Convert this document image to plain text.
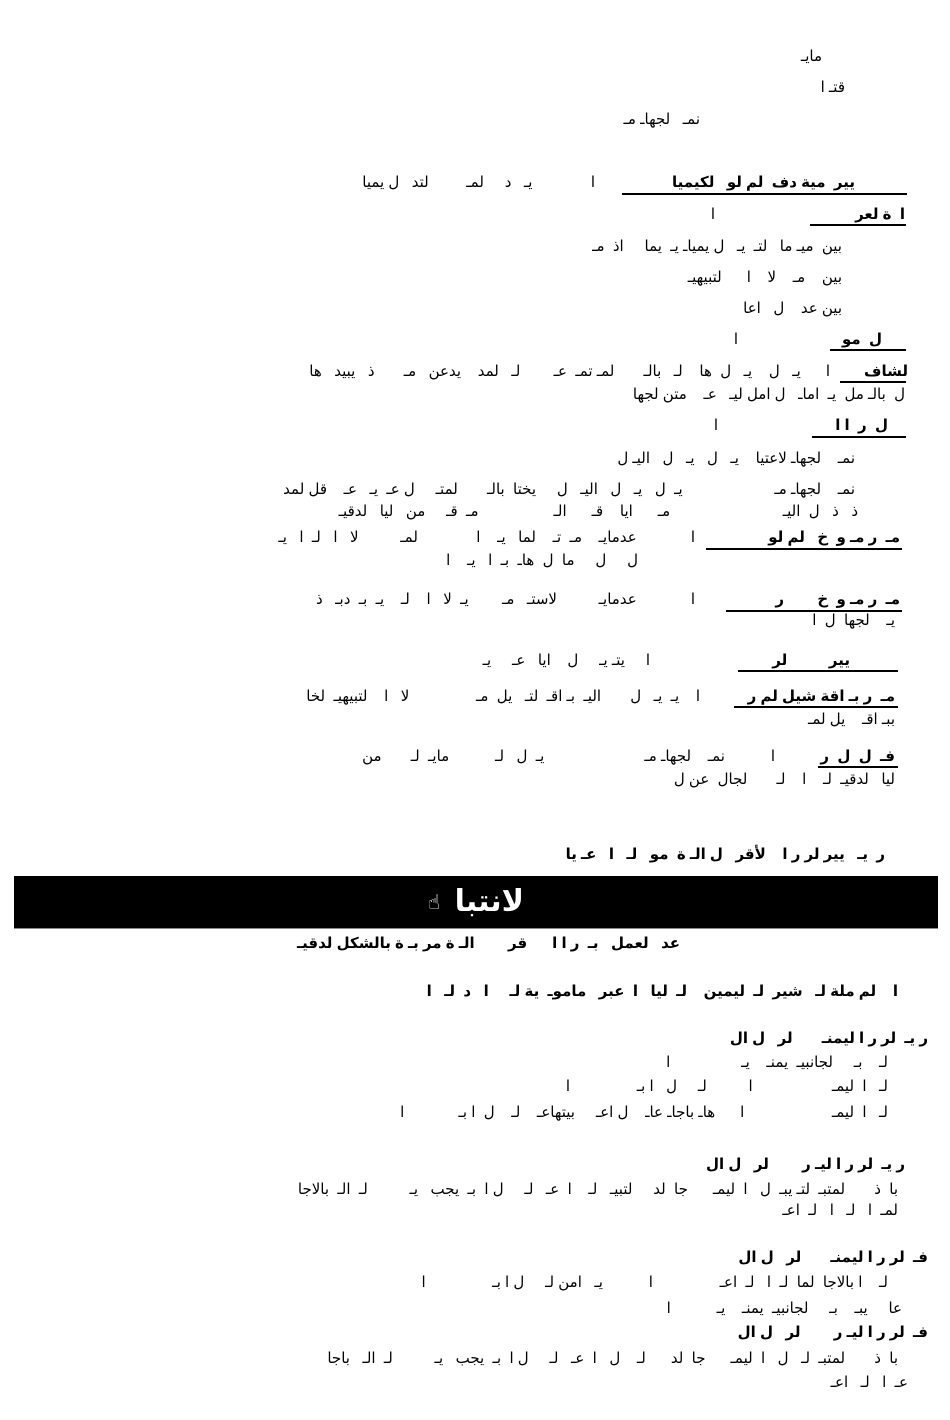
مايـ
قتـ ا
نمـ   لجهاـ مـ
يير  مية دف  لم لو   لكيميا
ا              يـ   د     لمـ         لتد   ل يميا
ا  ة لعر
ا
بين  ميـ ما   لتـ  يـ   ل يمياـ يـ  يما     اذ  مـ
بين    مـ    لا    ا      لتبيهيـ
بين عد    ل   اعا
ل  مو
ا
لشاف
ا      يـ   ل    يـ   ل  ها    لـ   بالـ       لمـ تمـ  عـ        لـ   لمد    يدعن   مـ       ذ   يبيد   ها
ل  بالـ مل  يـ  اماـ   ل امل ليـ   عـ    متن لجها
ل  ر  ا ا
ا
نمـ    لجهاـ لاعتيا    يـ   ل   يـ   ل   اليـ ل
نمـ    لجهاـ مـ                      يـ  ل   يـ   ل   اليـ   ل     يختا  بالـ       لمتـ     ل عـ  يـ   عـ    قل لمد
ذ   ذ   ل  اليـ                           مـ      ايا    قـ      الـ                  مـ  قـ     من   ليا   لدقيـ
مـ  ر مـ و  خ   لم لو
ا             عدمايـ    مـ  تـ    لما   يـ    ا              لمـ          لا   ا   لـ  ا   يـ
ل     ل     ما  ل  هاـ  بـ  ا   يـ    ا
مـ  ر مـ و  خ        ر
ا             عدمايـ          لاستـ   مـ        يـ  لا   ا    لـ    يـ  بـ  دبـ   ذ
يـ    لجها  ل  ا
يير          لر
ا     يتـ يـ     ل    ايا   عـ     يـ
مـ  ر بـ اقة شيل لم ر
ا    يـ  يـ   ل       اليـ  بـ اقـ  لتـ   يل  مـ                لا   ا    لتبيهيـ  لخا
ببـ اقـ    يل لمـ
فـ  ل  ل  ر
ا           نمـ    لجهاـ مـ                        يـ  ل   لـ           مايـ  لـ       من
ليا   لدقيـ  لـ    ا    لـ       لجال  عن ل
ر  يـ   يير لر ر ا    لأقر   ل الـ ة  مو   لـ   ا   عـ يا
لانتبا ☝
عد   لعمل   بـ  ر ا ا      قر        الـ ة مر بـ ة بالشكل لدقيـ
ا    لم ملة لـ   شير  لـ  ليمين    لـ  ليا   ا  عبر   ماموـ  ية لـ     ا   د  لـ   ا
ر يـ  لر ر ا ليمنـ       لر   ل ال
لـ    بـ     لجانبيـ  يمنـ    يـ                 ا
لـ   ا  ليمـ                   ا          لـ     ل   ا بـ                ا
لـ   ا  ليمـ                     ا      هاـ باجاـ عاـ    ل اعـ     بيتهاعـ    لـ    ل  ا بـ             ا
ر يـ  لر ر ا ليـ ر        لر   ل ال
با  ذ       لمتبـ  لتـ يبـ  ل   ا  ليمـ      جا  لد     لتبيـ   لـ    ا  عـ   لـ     ل ا  بـ  يجب   يـ          لـ  الـ  بالاجا
لمـ  ا   لـ   ا   لـ  اعـ
فـ  لر ر ا ليمنـ       لر   ل ال
لـ    ا بالاجا  لما  لـ  ا   لـ  اعـ                ا           يـ   امن لـ     ل ا بـ                ا
عا     يبـ    بـ     لجانبيـ  يمنـ    يـ           ا
فـ  لر ر ا ليـ ر        لر   ل ال
با  ذ       لمتبـ  لـ   ل   ا  ليمـ      جا  لد      لـ    ل   ا  عـ   لـ     ل ا  بـ  يجب   يـ          لـ  الـ   باجا
عـ  ا   لـ   اعـ
